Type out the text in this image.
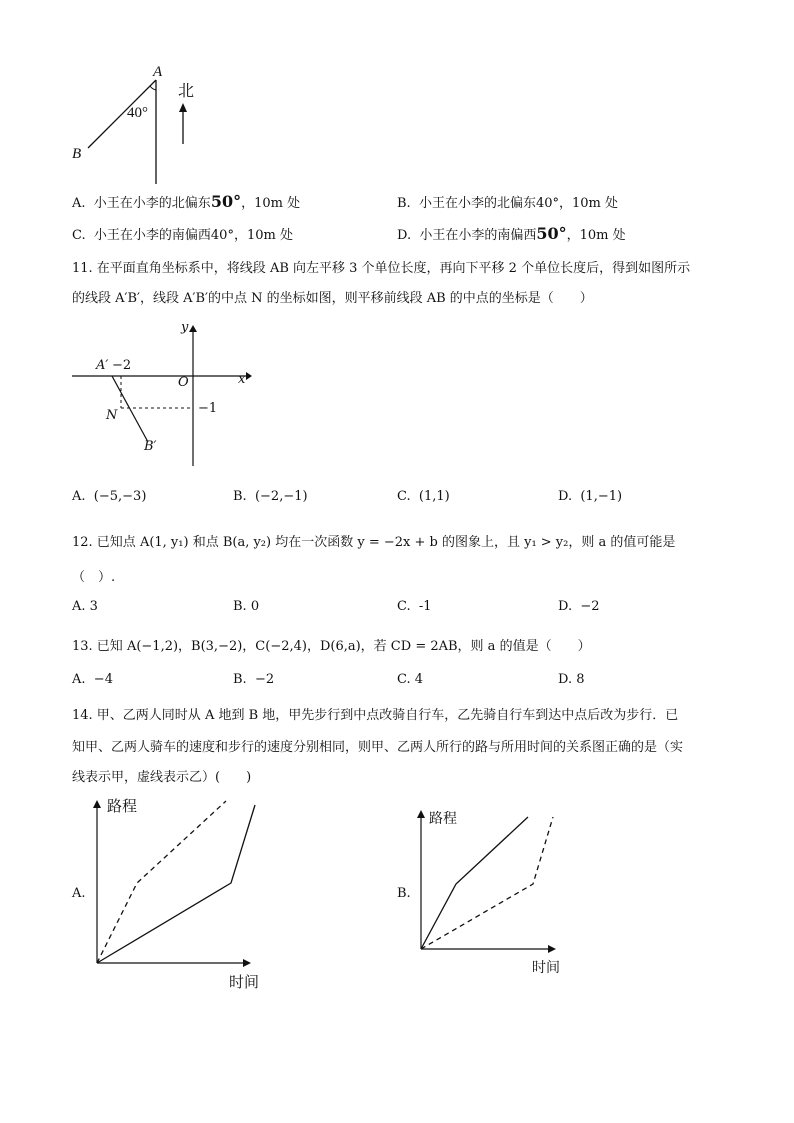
A
B
40°
北
A. 小王在小李的北偏东50°，10m 处	B. 小王在小李的北偏东40°，10m 处
C. 小王在小李的南偏西40°，10m 处	D. 小王在小李的南偏西50°，10m 处
11. 在平面直角坐标系中，将线段 AB 向左平移 3 个单位长度，再向下平移 2 个单位长度后，得到如图所示
的线段 A′B′，线段 A′B′的中点 N 的坐标如图，则平移前线段 AB 的中点的坐标是（　　）
y
x
O
A′ −2
N	−1
B′
A. (−5,−3)	B. (−2,−1)	C. (1,1)	D. (1,−1)
12. 已知点 A(1, y₁) 和点 B(a, y₂) 均在一次函数 y = −2x + b 的图象上，且 y₁ > y₂，则 a 的值可能是
（　）.
A. 3	B. 0	C. -1	D. −2
13. 已知 A(−1,2)，B(3,−2)，C(−2,4)，D(6,a)，若 CD = 2AB，则 a 的值是（　　）
A. −4	B. −2	C. 4	D. 8
14. 甲、乙两人同时从 A 地到 B 地，甲先步行到中点改骑自行车，乙先骑自行车到达中点后改为步行．已
知甲、乙两人骑车的速度和步行的速度分别相同，则甲、乙两人所行的路与所用时间的关系图正确的是（实
线表示甲，虚线表示乙）(　　)
A.
路程
时间
B.
路程
时间
